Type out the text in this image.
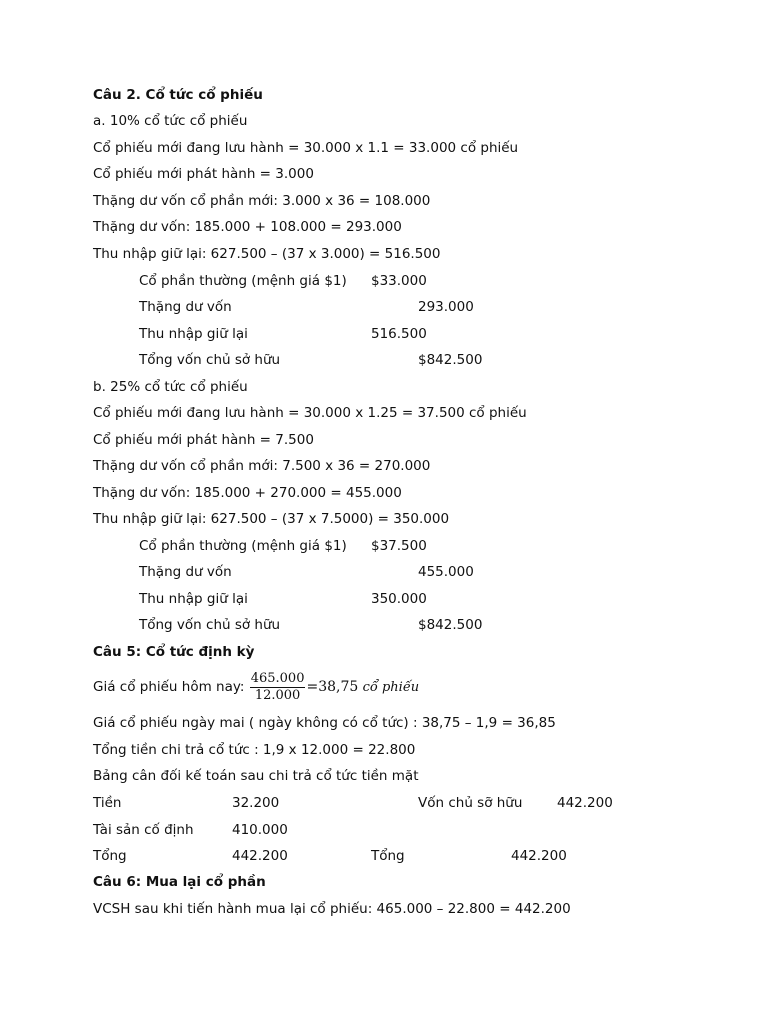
Câu 2. Cổ tức cổ phiếu
a. 10% cổ tức cổ phiếu
Cổ phiếu mới đang lưu hành = 30.000 x 1.1 = 33.000 cổ phiếu
Cổ phiếu mới phát hành = 3.000
Thặng dư vốn cổ phần mới: 3.000 x 36 = 108.000
Thặng dư vốn: 185.000 + 108.000 = 293.000
Thu nhập giữ lại: 627.500 – (37 x 3.000) = 516.500
Cổ phần thường (mệnh giá $1) $33.000
Thặng dư vốn	293.000
Thu nhập giữ lại	516.500
Tổng vốn chủ sở hữu	$842.500
b. 25% cổ tức cổ phiếu
Cổ phiếu mới đang lưu hành = 30.000 x 1.25 = 37.500 cổ phiếu
Cổ phiếu mới phát hành = 7.500
Thặng dư vốn cổ phần mới: 7.500 x 36 = 270.000
Thặng dư vốn: 185.000 + 270.000 = 455.000
Thu nhập giữ lại: 627.500 – (37 x 7.5000) = 350.000
Cổ phần thường (mệnh giá $1) $37.500
Thặng dư vốn	455.000
Thu nhập giữ lại	350.000
Tổng vốn chủ sở hữu	$842.500
Câu 5: Cổ tức định kỳ
Giá cổ phiếu hôm nay: $\frac{465.000}{12.000} =38,75$ cổ phiếu
Giá cổ phiếu ngày mai ( ngày không có cổ tức) : 38,75 – 1,9 = 36,85
Tổng tiền chi trả cổ tức : 1,9 x 12.000 = 22.800
Bảng cân đối kế toán sau chi trả cổ tức tiền mặt
Tiền	32.200	Vốn chủ sỡ hữu	442.200
Tài sản cố định	410.000
Tổng	442.200	Tổng	442.200
Câu 6: Mua lại cổ phần
VCSH sau khi tiến hành mua lại cổ phiếu: 465.000 – 22.800 = 442.200
